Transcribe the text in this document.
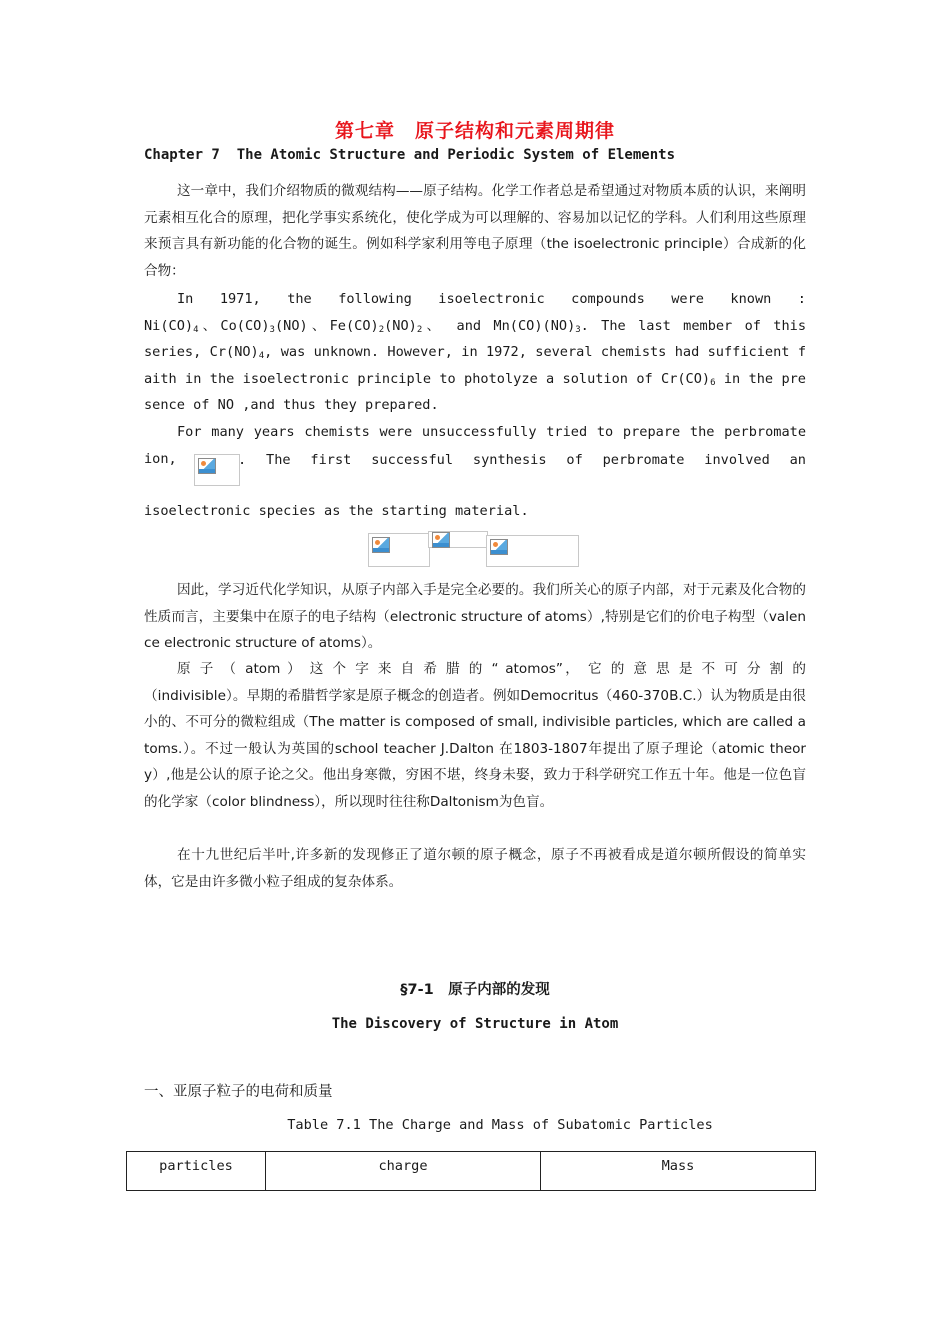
第七章　原子结构和元素周期律
Chapter 7  The Atomic Structure and Periodic System of Elements
这一章中，我们介绍物质的微观结构——原子结构。化学工作者总是希望通过对物质本质的认识，来阐明元素相互化合的原理，把化学事实系统化，使化学成为可以理解的、容易加以记忆的学科。人们利用这些原理来预言具有新功能的化合物的诞生。例如科学家利用等电子原理（the isoelectronic principle）合成新的化合物：
In 1971, the following isoelectronic compounds were known :
$Ni(CO)_4$、$Co(CO)_3(NO)$、$Fe(CO)_2(NO)_2$、 and $Mn(CO)(NO)_3$. The last member of this
series, $Cr(NO)_4$, was unknown. However, in 1972, several chemists had sufficient faith in the isoelectronic principle to photolyze a solution of $Cr(CO)_6$ in the presence of NO ,and thus they prepared.
For many years chemists were unsuccessfully tried to prepare the perbromate ion,	. The first successful synthesis of perbromate involved an
isoelectronic species as the starting material.
因此，学习近代化学知识，从原子内部入手是完全必要的。我们所关心的原子内部，对于元素及化合物的性质而言，主要集中在原子的电子结构（electronic structure of atoms）,特别是它们的价电子构型（valence electronic structure of atoms）。
原 子 （ atom ） 这 个 字 来 自 希 腊 的 “ atomos”， 它 的 意 思 是 不 可 分 割 的
（indivisible）。早期的希腊哲学家是原子概念的创造者。例如Democritus（460-370B.C.）认为物质是由很小的、不可分的微粒组成（The matter is composed of small, indivisible particles, which are called atoms.）。不过一般认为英国的school teacher J.Dalton 在1803-1807年提出了原子理论（atomic theory）,他是公认的原子论之父。他出身寒微，穷困不堪，终身未娶，致力于科学研究工作五十年。他是一位色盲的化学家（color blindness），所以现时往往称Daltonism为色盲。
在十九世纪后半叶,许多新的发现修正了道尔顿的原子概念，原子不再被看成是道尔顿所假设的简单实体，它是由许多微小粒子组成的复杂体系。
§7-1　原子内部的发现
The Discovery of Structure in Atom
一、亚原子粒子的电荷和质量
Table 7.1 The Charge and Mass of Subatomic Particles
particles	charge	Mass
